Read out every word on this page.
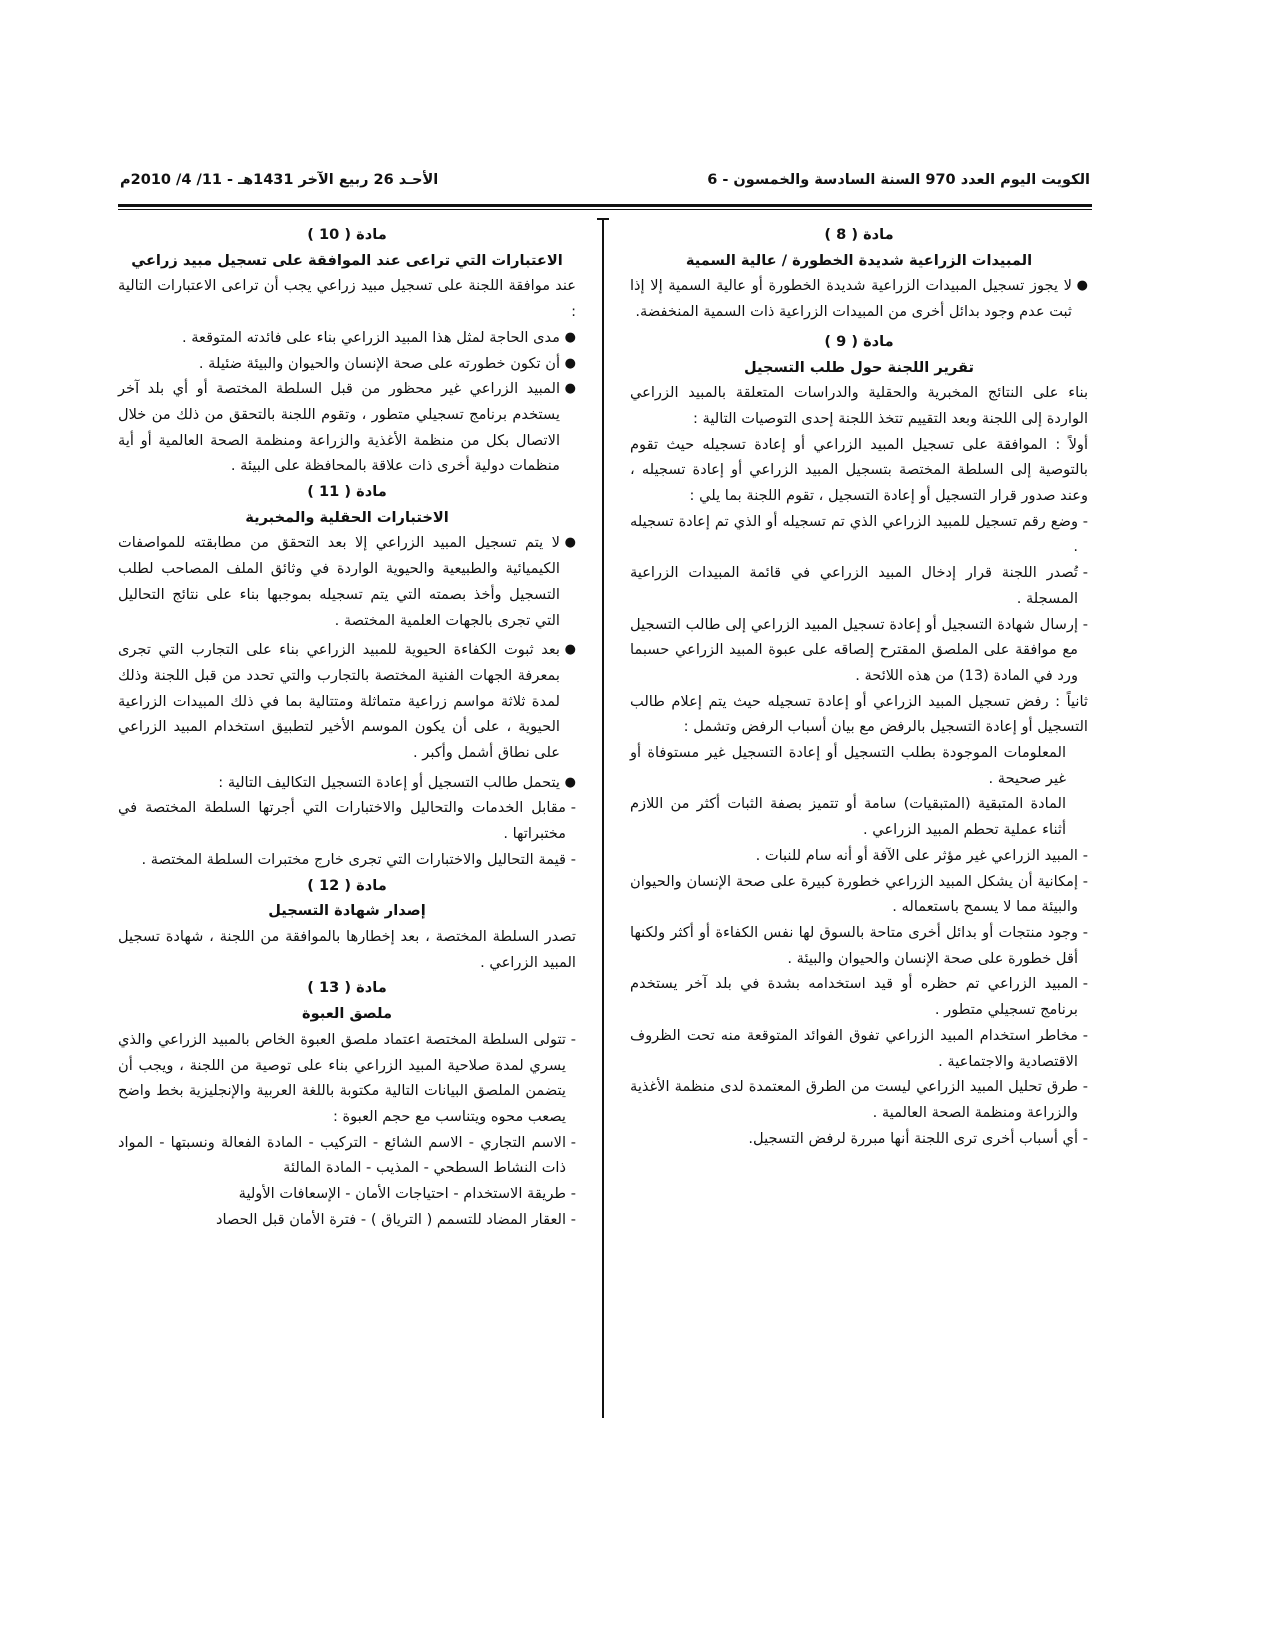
الكويت اليوم العدد 970 السنة السادسة والخمسون - 6
الأحـد 26 ربيع الآخر 1431هـ - 11/ 4/ 2010م
مادة ( 8 )
المبيدات الزراعية شديدة الخطورة / عالية السمية
●
لا يجوز تسجيل المبيدات الزراعية شديدة الخطورة أو عالية السمية إلا إذا ثبت عدم وجود بدائل أخرى من المبيدات الزراعية ذات السمية المنخفضة.
مادة ( 9 )
تقرير اللجنة حول طلب التسجيل
بناء على النتائج المخبرية والحقلية والدراسات المتعلقة بالمبيد الزراعي الواردة إلى اللجنة وبعد التقييم تتخذ اللجنة إحدى التوصيات التالية :
أولاً : الموافقة على تسجيل المبيد الزراعي أو إعادة تسجيله حيث تقوم بالتوصية إلى السلطة المختصة بتسجيل المبيد الزراعي أو إعادة تسجيله ، وعند صدور قرار التسجيل أو إعادة التسجيل ، تقوم اللجنة بما يلي :
-
وضع رقم تسجيل للمبيد الزراعي الذي تم تسجيله أو الذي تم إعادة تسجيله .
-
تُصدر اللجنة قرار إدخال المبيد الزراعي في قائمة المبيدات الزراعية المسجلة .
-
إرسال شهادة التسجيل أو إعادة تسجيل المبيد الزراعي إلى طالب التسجيل مع موافقة على الملصق المقترح إلصاقه على عبوة المبيد الزراعي حسبما ورد في المادة (13) من هذه اللائحة .
ثانياً : رفض تسجيل المبيد الزراعي أو إعادة تسجيله حيث يتم إعلام طالب التسجيل أو إعادة التسجيل بالرفض مع بيان أسباب الرفض وتشمل :
المعلومات الموجودة بطلب التسجيل أو إعادة التسجيل غير مستوفاة أو غير صحيحة .
المادة المتبقية (المتبقيات) سامة أو تتميز بصفة الثبات أكثر من اللازم أثناء عملية تحطم المبيد الزراعي .
-
المبيد الزراعي غير مؤثر على الآفة أو أنه سام للنبات .
-
إمكانية أن يشكل المبيد الزراعي خطورة كبيرة على صحة الإنسان والحيوان والبيئة مما لا يسمح باستعماله .
-
وجود منتجات أو بدائل أخرى متاحة بالسوق لها نفس الكفاءة أو أكثر ولكنها أقل خطورة على صحة الإنسان والحيوان والبيئة .
-
المبيد الزراعي تم حظره أو قيد استخدامه بشدة في بلد آخر يستخدم برنامج تسجيلي متطور .
-
مخاطر استخدام المبيد الزراعي تفوق الفوائد المتوقعة منه تحت الظروف الاقتصادية والاجتماعية .
-
طرق تحليل المبيد الزراعي ليست من الطرق المعتمدة لدى منظمة الأغذية والزراعة ومنظمة الصحة العالمية .
-
أي أسباب أخرى ترى اللجنة أنها مبررة لرفض التسجيل.
مادة ( 10 )
الاعتبارات التي تراعى عند الموافقة على تسجيل مبيد زراعي
عند موافقة اللجنة على تسجيل مبيد زراعي يجب أن تراعى الاعتبارات التالية :
●
مدى الحاجة لمثل هذا المبيد الزراعي بناء على فائدته المتوقعة .
●
أن تكون خطورته على صحة الإنسان والحيوان والبيئة ضئيلة .
●
المبيد الزراعي غير محظور من قبل السلطة المختصة أو أي بلد آخر يستخدم برنامج تسجيلي متطور ، وتقوم اللجنة بالتحقق من ذلك من خلال الاتصال بكل من منظمة الأغذية والزراعة ومنظمة الصحة العالمية أو أية منظمات دولية أخرى ذات علاقة بالمحافظة على البيئة .
مادة ( 11 )
الاختبارات الحقلية والمخبرية
●
لا يتم تسجيل المبيد الزراعي إلا بعد التحقق من مطابقته للمواصفات الكيميائية والطبيعية والحيوية الواردة في وثائق الملف المصاحب لطلب التسجيل وأخذ بصمته التي يتم تسجيله بموجبها بناء على نتائج التحاليل التي تجرى بالجهات العلمية المختصة .
●
بعد ثبوت الكفاءة الحيوية للمبيد الزراعي بناء على التجارب التي تجرى بمعرفة الجهات الفنية المختصة بالتجارب والتي تحدد من قبل اللجنة وذلك لمدة ثلاثة مواسم زراعية متماثلة ومتتالية بما في ذلك المبيدات الزراعية الحيوية ، على أن يكون الموسم الأخير لتطبيق استخدام المبيد الزراعي على نطاق أشمل وأكبر .
●
يتحمل طالب التسجيل أو إعادة التسجيل التكاليف التالية :
-
مقابل الخدمات والتحاليل والاختبارات التي أجرتها السلطة المختصة في مختبراتها .
-
قيمة التحاليل والاختبارات التي تجرى خارج مختبرات السلطة المختصة .
مادة ( 12 )
إصدار شهادة التسجيل
تصدر السلطة المختصة ، بعد إخطارها بالموافقة من اللجنة ، شهادة تسجيل المبيد الزراعي .
مادة ( 13 )
ملصق العبوة
-
تتولى السلطة المختصة اعتماد ملصق العبوة الخاص بالمبيد الزراعي والذي يسري لمدة صلاحية المبيد الزراعي بناء على توصية من اللجنة ، ويجب أن يتضمن الملصق البيانات التالية مكتوبة باللغة العربية والإنجليزية بخط واضح يصعب محوه ويتناسب مع حجم العبوة :
-
الاسم التجاري - الاسم الشائع - التركيب - المادة الفعالة ونسبتها - المواد ذات النشاط السطحي - المذيب - المادة المالئة
-
طريقة الاستخدام - احتياجات الأمان - الإسعافات الأولية
-
العقار المضاد للتسمم ( الترياق ) - فترة الأمان قبل الحصاد
